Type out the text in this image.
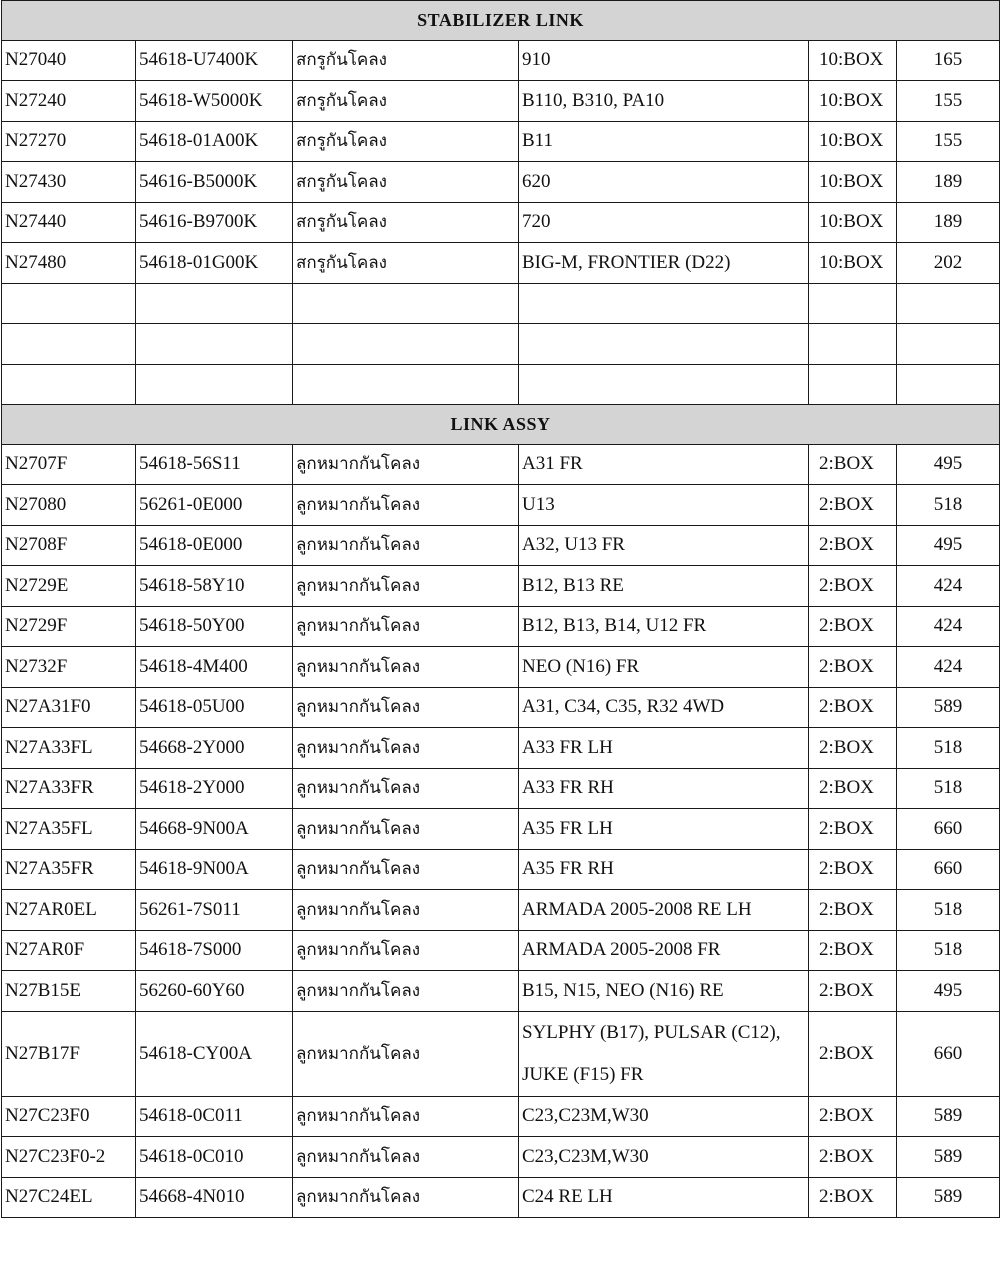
STABILIZER LINK					
N27040	54618-U7400K	สกรูกันโคลง	910	10:BOX	165
N27240	54618-W5000K	สกรูกันโคลง	B110, B310, PA10	10:BOX	155
N27270	54618-01A00K	สกรูกันโคลง	B11	10:BOX	155
N27430	54616-B5000K	สกรูกันโคลง	620	10:BOX	189
N27440	54616-B9700K	สกรูกันโคลง	720	10:BOX	189
N27480	54618-01G00K	สกรูกันโคลง	BIG-M, FRONTIER (D22)	10:BOX	202

LINK ASSY					
N2707F	54618-56S11	ลูกหมากกันโคลง	A31 FR	2:BOX	495
N27080	56261-0E000	ลูกหมากกันโคลง	U13	2:BOX	518
N2708F	54618-0E000	ลูกหมากกันโคลง	A32, U13 FR	2:BOX	495
N2729E	54618-58Y10	ลูกหมากกันโคลง	B12, B13 RE	2:BOX	424
N2729F	54618-50Y00	ลูกหมากกันโคลง	B12, B13, B14, U12 FR	2:BOX	424
N2732F	54618-4M400	ลูกหมากกันโคลง	NEO (N16) FR	2:BOX	424
N27A31F0	54618-05U00	ลูกหมากกันโคลง	A31, C34, C35, R32 4WD	2:BOX	589
N27A33FL	54668-2Y000	ลูกหมากกันโคลง	A33 FR LH	2:BOX	518
N27A33FR	54618-2Y000	ลูกหมากกันโคลง	A33 FR RH	2:BOX	518
N27A35FL	54668-9N00A	ลูกหมากกันโคลง	A35 FR LH	2:BOX	660
N27A35FR	54618-9N00A	ลูกหมากกันโคลง	A35 FR RH	2:BOX	660
N27AR0EL	56261-7S011	ลูกหมากกันโคลง	ARMADA 2005-2008 RE LH	2:BOX	518
N27AR0F	54618-7S000	ลูกหมากกันโคลง	ARMADA 2005-2008 FR	2:BOX	518
N27B15E	56260-60Y60	ลูกหมากกันโคลง	B15, N15, NEO (N16) RE	2:BOX	495
N27B17F	54618-CY00A	ลูกหมากกันโคลง	SYLPHY (B17), PULSAR (C12), JUKE (F15) FR	2:BOX	660
N27C23F0	54618-0C011	ลูกหมากกันโคลง	C23,C23M,W30	2:BOX	589
N27C23F0-2	54618-0C010	ลูกหมากกันโคลง	C23,C23M,W30	2:BOX	589
N27C24EL	54668-4N010	ลูกหมากกันโคลง	C24 RE LH	2:BOX	589
